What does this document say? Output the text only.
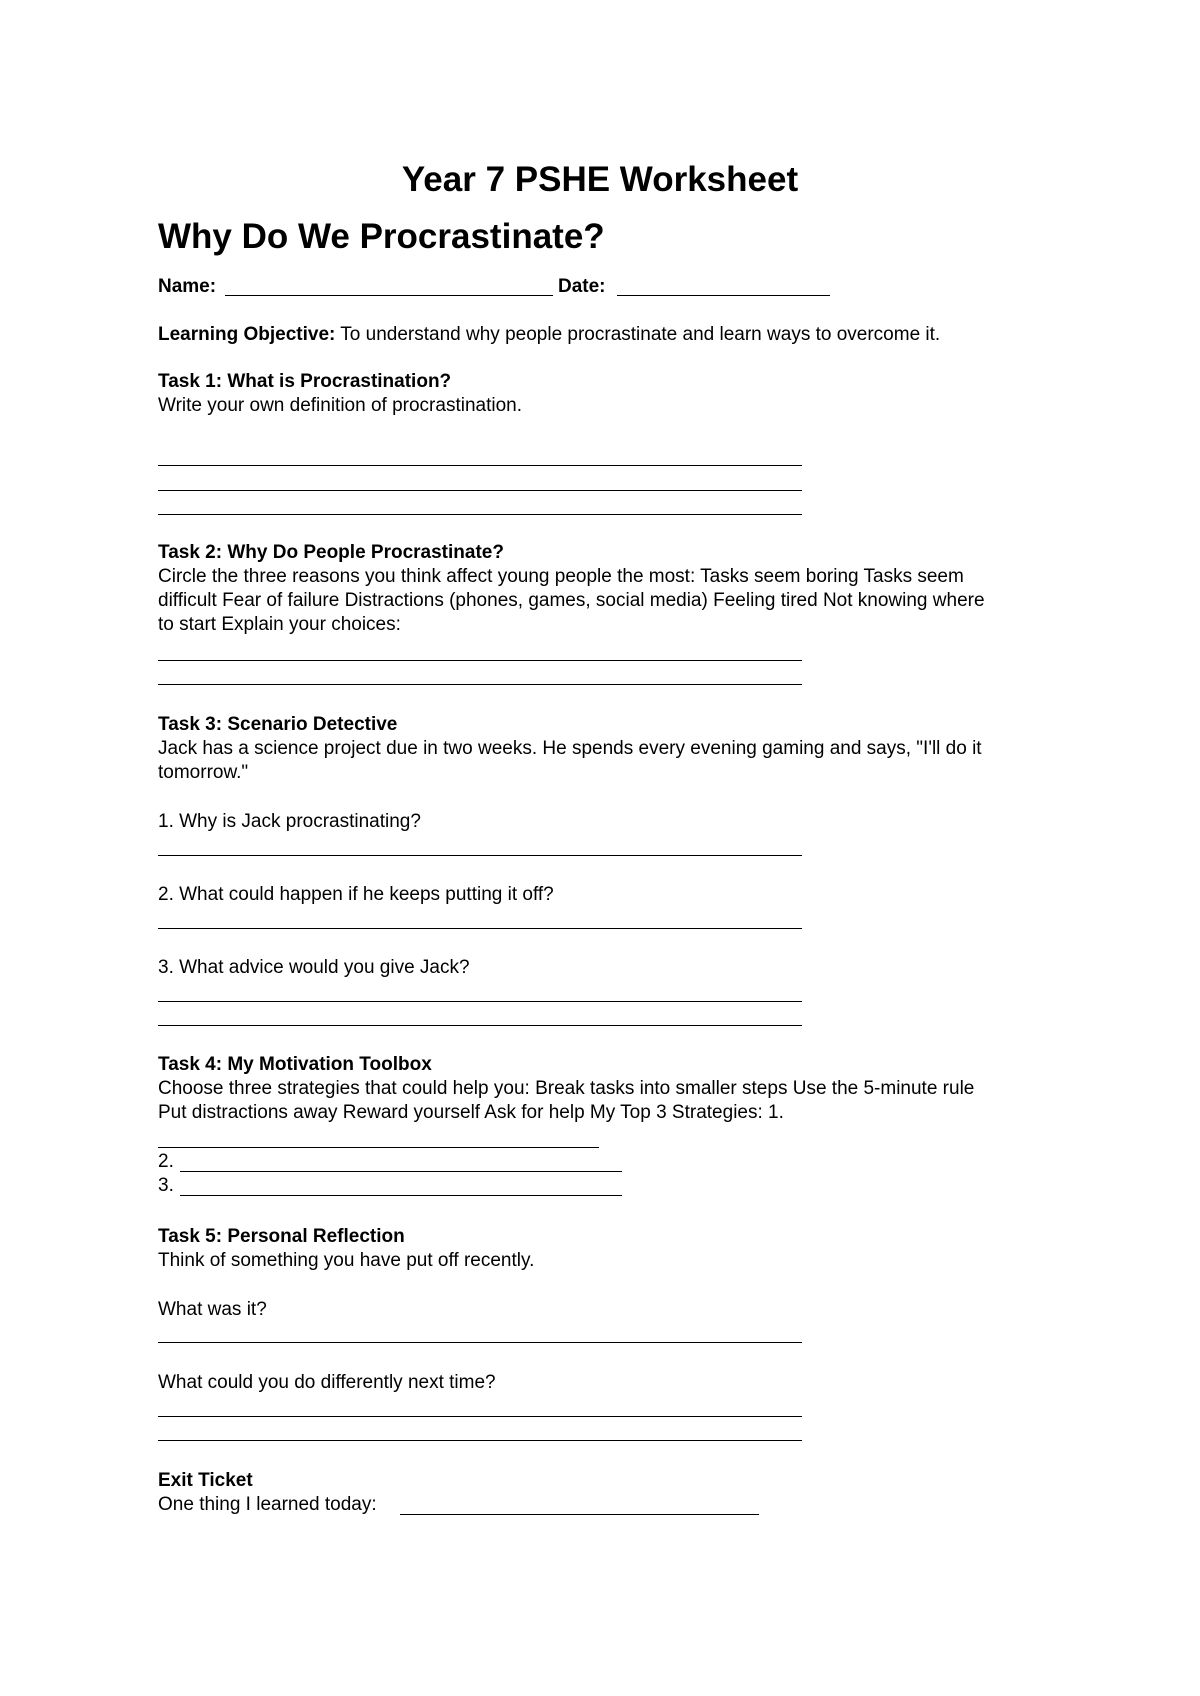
Year 7 PSHE Worksheet
Why Do We Procrastinate?
Name:	Date:
Learning Objective: To understand why people procrastinate and learn ways to overcome it.
Task 1: What is Procrastination?
Write your own definition of procrastination.
Task 2: Why Do People Procrastinate?
Circle the three reasons you think affect young people the most: Tasks seem boring Tasks seem
difficult Fear of failure Distractions (phones, games, social media) Feeling tired Not knowing where
to start Explain your choices:
Task 3: Scenario Detective
Jack has a science project due in two weeks. He spends every evening gaming and says, "I'll do it
tomorrow."
1. Why is Jack procrastinating?
2. What could happen if he keeps putting it off?
3. What advice would you give Jack?
Task 4: My Motivation Toolbox
Choose three strategies that could help you: Break tasks into smaller steps Use the 5-minute rule
Put distractions away Reward yourself Ask for help My Top 3 Strategies: 1.
2.
3.
Task 5: Personal Reflection
Think of something you have put off recently.
What was it?
What could you do differently next time?
Exit Ticket
One thing I learned today:
